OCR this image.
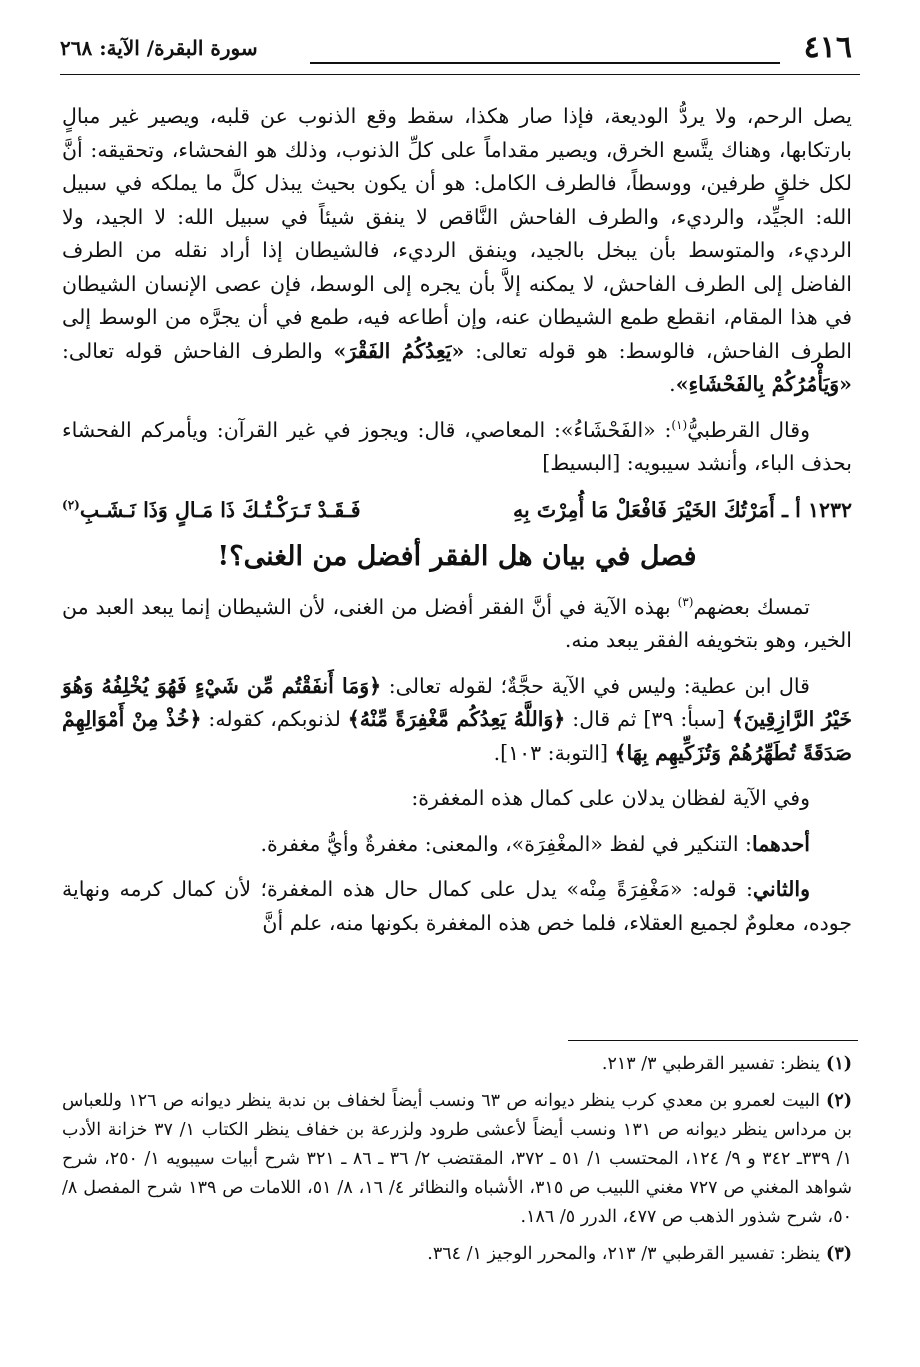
٤١٦
سورة البقرة/ الآية: ٢٦٨

يصل الرحم، ولا يردُّ الوديعة، فإذا صار هكذا، سقط وقع الذنوب عن قلبه، ويصير غير مبالٍ بارتكابها، وهناك يتَّسع الخرق، ويصير مقداماً على كلِّ الذنوب، وذلك هو الفحشاء، وتحقيقه: أنَّ لكل خلقٍ طرفين، ووسطاً، فالطرف الكامل: هو أن يكون بحيث يبذل كلَّ ما يملكه في سبيل الله: الجيِّد، والرديء، والطرف الفاحش النَّاقص لا ينفق شيئاً في سبيل الله: لا الجيد، ولا الرديء، والمتوسط بأن يبخل بالجيد، وينفق الرديء، فالشيطان إذا أراد نقله من الطرف الفاضل إلى الطرف الفاحش، لا يمكنه إلاَّ بأن يجره إلى الوسط، فإن عصى الإنسان الشيطان في هذا المقام، انقطع طمع الشيطان عنه، وإن أطاعه فيه، طمع في أن يجرَّه من الوسط إلى الطرف الفاحش، فالوسط: هو قوله تعالى: «يَعِدُكُمُ الفَقْرَ» والطرف الفاحش قوله تعالى: «وَيَأْمُرُكُمْ بِالفَحْشَاءِ».

وقال القرطبيُّ$^{(١)}$: «الفَحْشَاءُ»: المعاصي، قال: ويجوز في غير القرآن: ويأمركم الفحشاء بحذف الباء، وأنشد سيبويه: [البسيط]

١٢٣٢ أ ـ أَمَرْتُكَ الخَيْرَ فَافْعَلْ مَا أُمِرْتَ بِهِ
فَـقَـدْ تَـرَكْـتُـكَ ذَا مَـالٍ وَذَا نَـشَـبِ$^{(٢)}$
فصل في بيان هل الفقر أفضل من الغنى؟!

تمسك بعضهم$^{(٣)}$ بهذه الآية في أنَّ الفقر أفضل من الغنى، لأن الشيطان إنما يبعد العبد من الخير، وهو بتخويفه الفقر يبعد منه.

قال ابن عطية: وليس في الآية حجَّةٌ؛ لقوله تعالى: ﴿وَمَا أَنفَقْتُم مِّن شَيْءٍ فَهُوَ يُخْلِفُهُ وَهُوَ خَيْرُ الرَّازِقِينَ﴾ [سبأ: ٣٩] ثم قال: ﴿وَاللَّهُ يَعِدُكُم مَّغْفِرَةً مِّنْهُ﴾ لذنوبكم، كقوله: ﴿خُذْ مِنْ أَمْوَالِهِمْ صَدَقَةً تُطَهِّرُهُمْ وَتُزَكِّيهِم بِهَا﴾ [التوبة: ١٠٣].

وفي الآية لفظان يدلان على كمال هذه المغفرة:

أحدهما: التنكير في لفظ «المغْفِرَة»، والمعنى: مغفرةٌ وأيُّ مغفرة.

والثاني: قوله: «مَغْفِرَةً مِنْه» يدل على كمال حال هذه المغفرة؛ لأن كمال كرمه ونهاية جوده، معلومٌ لجميع العقلاء، فلما خص هذه المغفرة بكونها منه، علم أنَّ

(١)ينظر: تفسير القرطبي ٣/ ٢١٣.

(٢)البيت لعمرو بن معدي كرب ينظر ديوانه ص ٦٣ ونسب أيضاً لخفاف بن ندبة ينظر ديوانه ص ١٢٦ وللعباس بن مرداس ينظر ديوانه ص ١٣١ ونسب أيضاً لأعشى طرود ولزرعة بن خفاف ينظر الكتاب ١/ ٣٧ خزانة الأدب ١/ ٣٣٩ـ ٣٤٢ و ٩/ ١٢٤، المحتسب ١/ ٥١ ـ ٣٧٢، المقتضب ٢/ ٣٦ ـ ٨٦ ـ ٣٢١ شرح أبيات سيبويه ١/ ٢٥٠، شرح شواهد المغني ص ٧٢٧ مغني اللبيب ص ٣١٥، الأشباه والنظائر ٤/ ١٦، ٨/ ٥١، اللامات ص ١٣٩ شرح المفصل ٨/ ٥٠، شرح شذور الذهب ص ٤٧٧، الدرر ٥/ ١٨٦.

(٣)ينظر: تفسير القرطبي ٣/ ٢١٣، والمحرر الوجيز ١/ ٣٦٤.
